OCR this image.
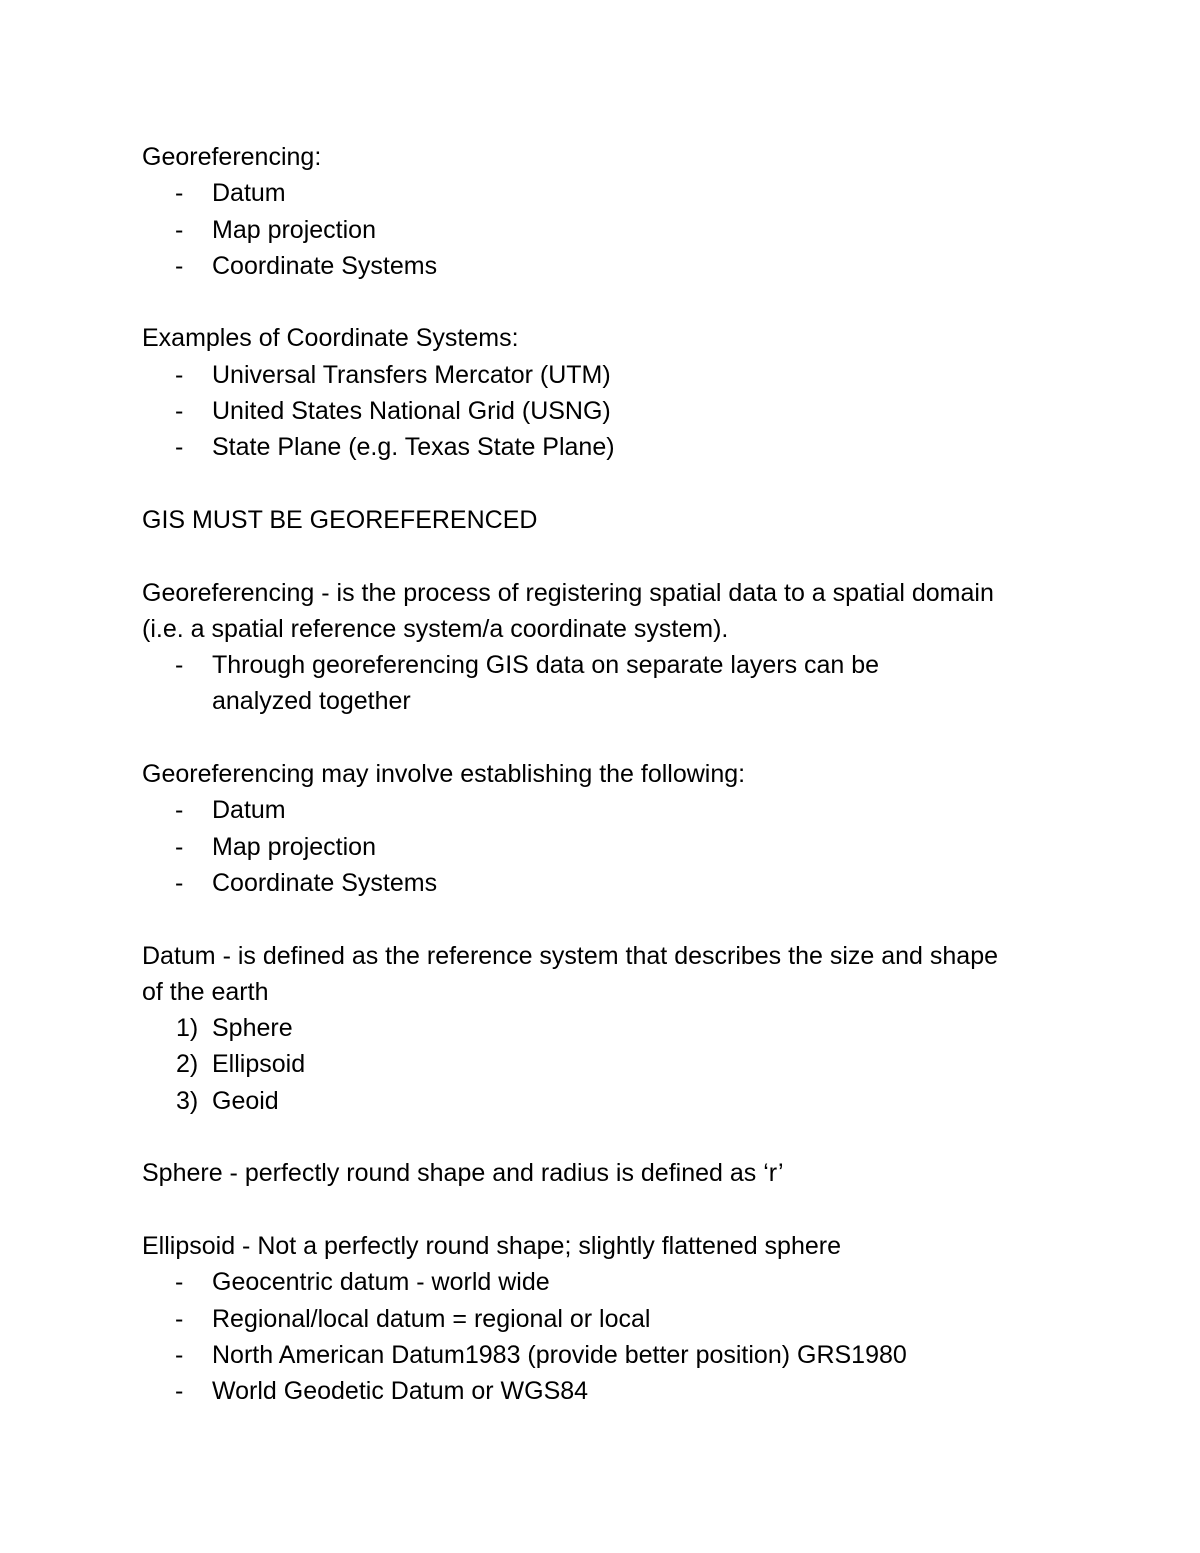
Georeferencing:
-	Datum
-	Map projection
-	Coordinate Systems
Examples of Coordinate Systems:
-	Universal Transfers Mercator (UTM)
-	United States National Grid (USNG)
-	State Plane (e.g. Texas State Plane)
GIS MUST BE GEOREFERENCED
Georeferencing - is the process of registering spatial data to a spatial domain (i.e. a spatial reference system/a coordinate system).
-	Through georeferencing GIS data on separate layers can be analyzed together
Georeferencing may involve establishing the following:
-	Datum
-	Map projection
-	Coordinate Systems
Datum - is defined as the reference system that describes the size and shape of the earth
1) Sphere
2) Ellipsoid
3) Geoid
Sphere - perfectly round shape and radius is defined as ‘r’
Ellipsoid - Not a perfectly round shape; slightly flattened sphere
-	Geocentric datum - world wide
-	Regional/local datum = regional or local
-	North American Datum1983 (provide better position) GRS1980
-	World Geodetic Datum or WGS84
